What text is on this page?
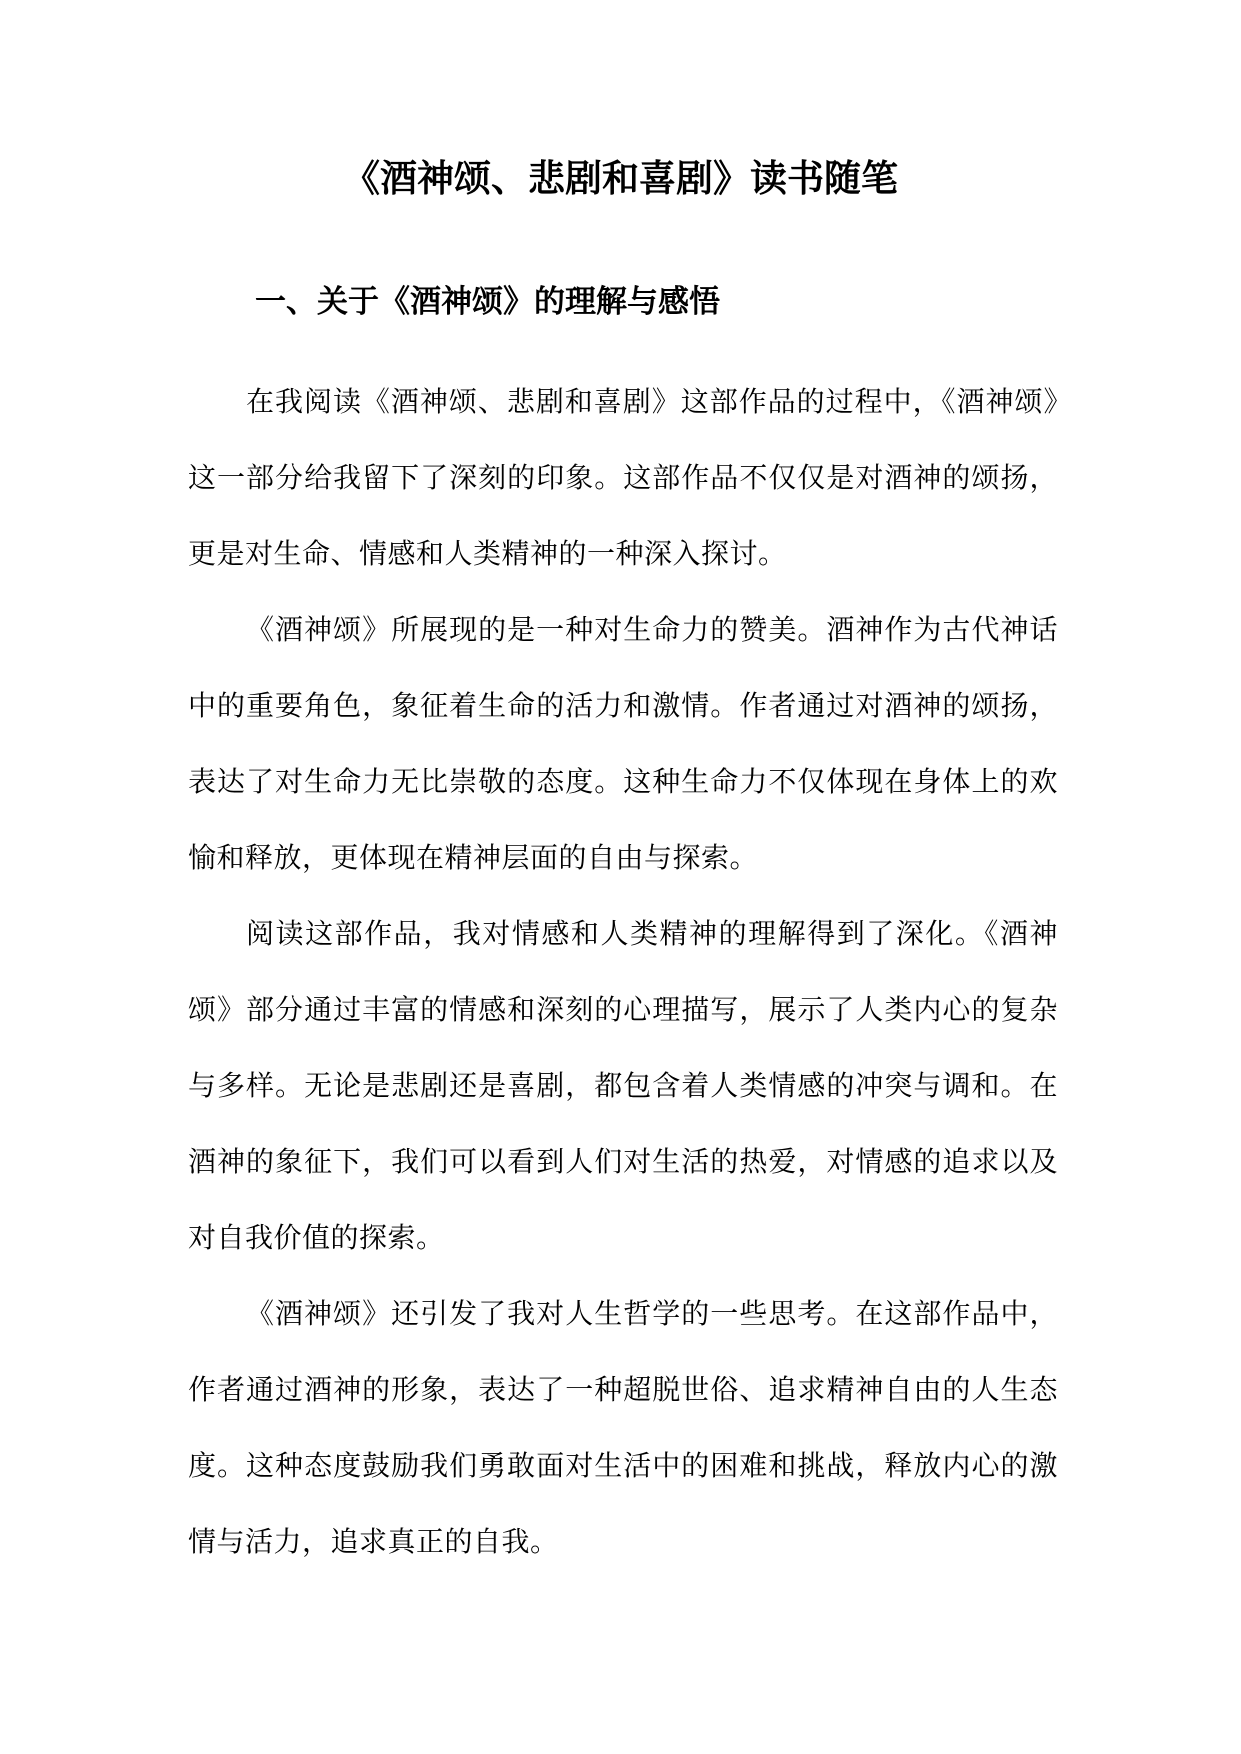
《酒神颂、悲剧和喜剧》读书随笔
一、关于《酒神颂》的理解与感悟

在我阅读《酒神颂、悲剧和喜剧》这部作品的过程中，《酒神颂》这一部分给我留下了深刻的印象。这部作品不仅仅是对酒神的颂扬，更是对生命、情感和人类精神的一种深入探讨。

《酒神颂》所展现的是一种对生命力的赞美。酒神作为古代神话中的重要角色，象征着生命的活力和激情。作者通过对酒神的颂扬，表达了对生命力无比崇敬的态度。这种生命力不仅体现在身体上的欢愉和释放，更体现在精神层面的自由与探索。

阅读这部作品，我对情感和人类精神的理解得到了深化。《酒神颂》部分通过丰富的情感和深刻的心理描写，展示了人类内心的复杂与多样。无论是悲剧还是喜剧，都包含着人类情感的冲突与调和。在酒神的象征下，我们可以看到人们对生活的热爱，对情感的追求以及对自我价值的探索。

《酒神颂》还引发了我对人生哲学的一些思考。在这部作品中，作者通过酒神的形象，表达了一种超脱世俗、追求精神自由的人生态度。这种态度鼓励我们勇敢面对生活中的困难和挑战，释放内心的激情与活力，追求真正的自我。
